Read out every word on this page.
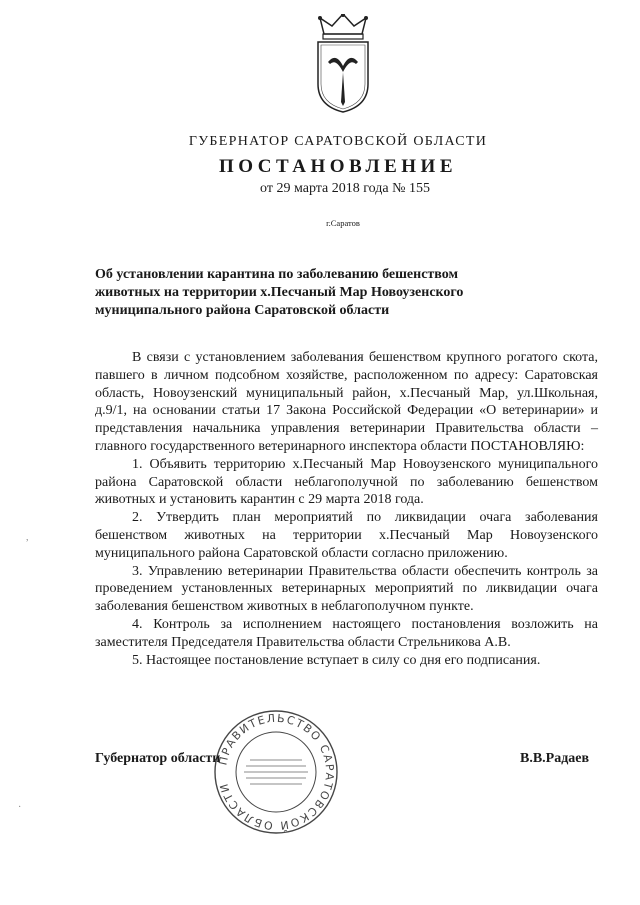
ГУБЕРНАТОР САРАТОВСКОЙ ОБЛАСТИ
ПОСТАНОВЛЕНИЕ
от 29 марта 2018 года № 155
г.Саратов
Об установлении карантина по заболеванию бешенством
животных на территории х.Песчаный Мар Новоузенского
муниципального района Саратовской области

В связи с установлением заболевания бешенством крупного рогатого скота, павшего в личном подсобном хозяйстве, расположенном по адресу: Саратовская область, Новоузенский муниципальный район, х.Песчаный Мар, ул.Школьная, д.9/1, на основании статьи 17 Закона Российской Федерации «О ветеринарии» и представления начальника управления ветеринарии Правительства области – главного государственного ветеринарного инспектора области ПОСТАНОВЛЯЮ:

1. Объявить территорию х.Песчаный Мар Новоузенского муниципального района Саратовской области неблагополучной по заболеванию бешенством животных и установить карантин с 29 марта 2018 года.

2. Утвердить план мероприятий по ликвидации очага заболевания бешенством животных на территории х.Песчаный Мар Новоузенского муниципального района Саратовской области согласно приложению.

3. Управлению ветеринарии Правительства области обеспечить контроль за проведением установленных ветеринарных мероприятий по ликвидации очага заболевания бешенством животных в неблагополучном пункте.

4. Контроль за исполнением настоящего постановления возложить на заместителя Председателя Правительства области Стрельникова А.В.

5. Настоящее постановление вступает в силу со дня его подписания.

ПРАВИТЕЛЬСТВО САРАТОВСКОЙ ОБЛАСТИ
Губернатор области	В.В.Радаев
,
·
